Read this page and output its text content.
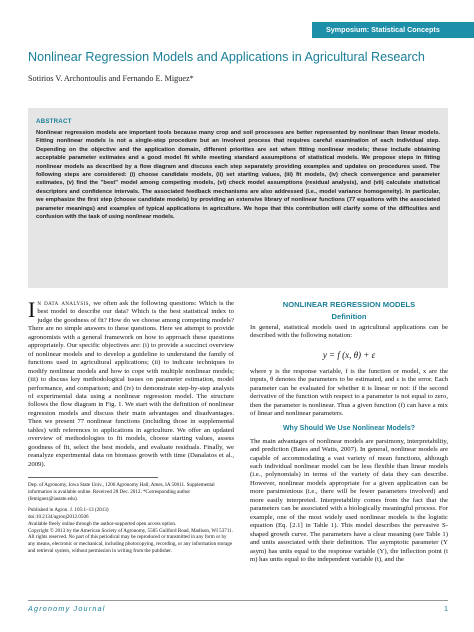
Symposium: Statistical Concepts
Nonlinear Regression Models and Applications in Agricultural Research
Sotirios V. Archontoulis and Fernando E. Miguez*
ABSTRACT
Nonlinear regression models are important tools because many crop and soil processes are better represented by nonlinear than linear models. Fitting nonlinear models is not a single-step procedure but an involved process that requires careful examination of each individual step. Depending on the objective and the application domain, different priorities are set when fitting nonlinear models; these include obtaining acceptable parameter estimates and a good model fit while meeting standard assumptions of statistical models. We propose steps in fitting nonlinear models as described by a flow diagram and discuss each step separately providing examples and updates on procedures used. The following steps are considered: (i) choose candidate models, (ii) set starting values, (iii) fit models, (iv) check convergence and parameter estimates, (v) find the "best" model among competing models, (vi) check model assumptions (residual analysis), and (vii) calculate statistical descriptors and confidence intervals. The associated feedback mechanisms are also addressed (i.e., model variance homogeneity). In particular, we emphasize the first step (choose candidate models) by providing an extensive library of nonlinear functions (77 equations with the associated parameter meanings) and examples of typical applications in agriculture. We hope that this contribution will clarify some of the difficulties and confusion with the task of using nonlinear models.

In data analysis, we often ask the following questions: Which is the best model to describe our data? Which is the best statistical index to judge the goodness of fit? How do we choose among competing models? There are no simple answers to these questions. Here we attempt to provide agronomists with a general framework on how to approach these questions appropriately. Our specific objectives are: (i) to provide a succinct overview of nonlinear models and to develop a guideline to understand the family of functions used in agricultural applications; (ii) to indicate techniques to modify nonlinear models and how to cope with multiple nonlinear models; (iii) to discuss key methodological issues on parameter estimation, model performance, and comparison; and (iv) to demonstrate step-by-step analysis of experimental data using a nonlinear regression model. The structure follows the flow diagram in Fig. 1. We start with the definition of nonlinear regression models and discuss their main advantages and disadvantages. Then we present 77 nonlinear functions (including those in supplemental tables) with references to applications in agriculture. We offer an updated overview of methodologies to fit models, choose starting values, assess goodness of fit, select the best models, and evaluate residuals. Finally, we reanalyze experimental data on biomass growth with time (Danalatos et al., 2009).

Dep. of Agronomy, Iowa State Univ., 1206 Agronomy Hall, Ames, IA 50011. Supplemental information is available online. Received 28 Dec. 2012. *Corresponding author (femiguez@iastate.edu).

Published in Agron. J. 105:1–13 (2013)
doi:10.2134/agronj2012.0506
Available freely online through the author-supported open access option.
Copyright © 2013 by the American Society of Agronomy, 5585 Guilford Road, Madison, WI 53711. All rights reserved. No part of this periodical may be reproduced or transmitted in any form or by any means, electronic or mechanical, including photocopying, recording, or any information storage and retrieval system, without permission in writing from the publisher.

NONLINEAR REGRESSION MODELS
Definition

In general, statistical models used in agricultural applications can be described with the following notation:

y = f (x, θ) + ε

where y is the response variable, f is the function or model, x are the inputs, θ denotes the parameters to be estimated, and ε is the error. Each parameter can be evaluated for whether it is linear or not: if the second derivative of the function with respect to a parameter is not equal to zero, then the parameter is nonlinear. Thus a given function (f) can have a mix of linear and nonlinear parameters.

Why Should We Use Nonlinear Models?

The main advantages of nonlinear models are parsimony, interpretability, and prediction (Bates and Watts, 2007). In general, nonlinear models are capable of accommodating a vast variety of mean functions, although each individual nonlinear model can be less flexible than linear models (i.e., polynomials) in terms of the variety of data they can describe. However, nonlinear models appropriate for a given application can be more parsimonious (i.e., there will be fewer parameters involved) and more easily interpreted. Interpretability comes from the fact that the parameters can be associated with a biologically meaningful process. For example, one of the most widely used nonlinear models is the logistic equation (Eq. [2.1] in Table 1). This model describes the pervasive S-shaped growth curve. The parameters have a clear meaning (see Table 1) and units associated with their definition. The asymptotic parameter (Y asym) has units equal to the response variable (Y), the inflection point (t m) has units equal to the independent variable (t), and the

Agronomy Journal	1
